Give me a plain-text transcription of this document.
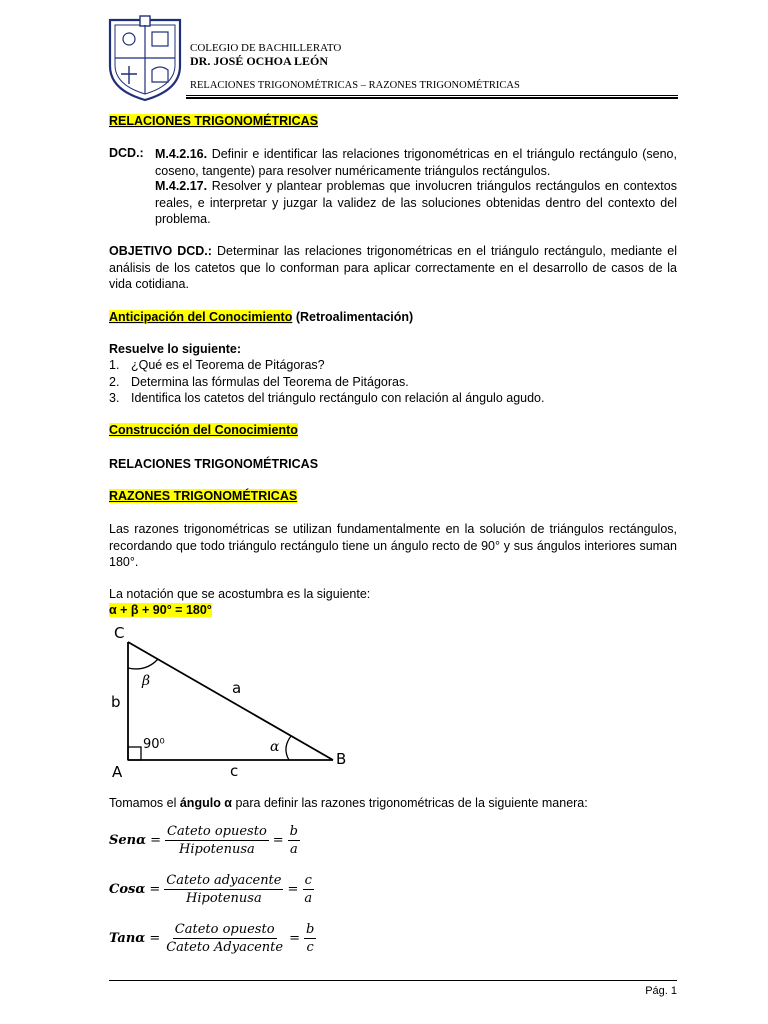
COLEGIO DE BACHILLERATO
DR. JOSÉ OCHOA LEÓN
RELACIONES TRIGONOMÉTRICAS – RAZONES TRIGONOMÉTRICAS
RELACIONES TRIGONOMÉTRICAS
DCD.: M.4.2.16. Definir e identificar las relaciones trigonométricas en el triángulo rectángulo (seno, coseno, tangente) para resolver numéricamente triángulos rectángulos.
M.4.2.17. Resolver y plantear problemas que involucren triángulos rectángulos en contextos reales, e interpretar y juzgar la validez de las soluciones obtenidas dentro del contexto del problema.
OBJETIVO DCD.: Determinar las relaciones trigonométricas en el triángulo rectángulo, mediante el análisis de los catetos que lo conforman para aplicar correctamente en el desarrollo de casos de la vida cotidiana.
Anticipación del Conocimiento (Retroalimentación)
Resuelve lo siguiente:
1. ¿Qué es el Teorema de Pitágoras?
2. Determina las fórmulas del Teorema de Pitágoras.
3. Identifica los catetos del triángulo rectángulo con relación al ángulo agudo.
Construcción del Conocimiento
RELACIONES TRIGONOMÉTRICAS
RAZONES TRIGONOMÉTRICAS
Las razones trigonométricas se utilizan fundamentalmente en la solución de triángulos rectángulos, recordando que todo triángulo rectángulo tiene un ángulo recto de 90° y sus ángulos interiores suman 180°.
La notación que se acostumbra es la siguiente:
α + β + 90° = 180°
C
A
B
b
c
a
β
α
90⁰
Tomamos el ángulo α para definir las razones trigonométricas de la siguiente manera:
$Sen\alpha = \frac{\text{Cateto opuesto}}{\text{Hipotenusa}} = \frac{b}{a}$
$Cos\alpha = \frac{\text{Cateto adyacente}}{\text{Hipotenusa}} = \frac{c}{a}$
$Tan\alpha = \frac{\text{Cateto opuesto}}{\text{Cateto Adyacente}} = \frac{b}{c}$
Pág. 1
